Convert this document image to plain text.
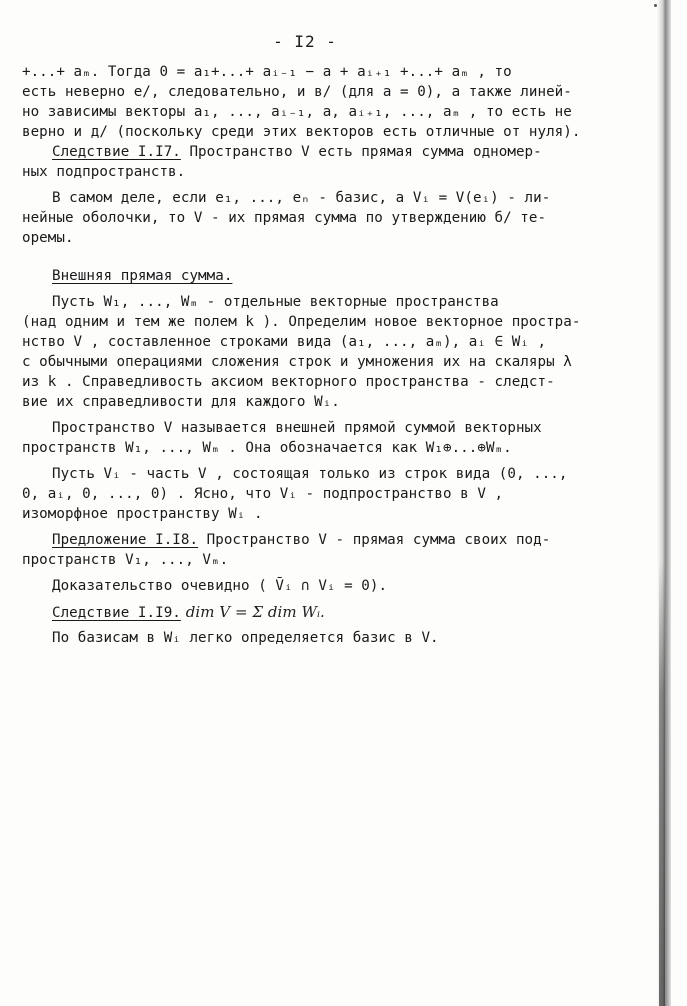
- I2 -

+...+ aₘ. Тогда 0 = a₁+...+ aᵢ₋₁ − a + aᵢ₊₁ +...+ aₘ , то

есть неверно е/, следовательно, и в/ (для a = 0), а также линей-

но зависимы векторы a₁, ..., aᵢ₋₁, a, aᵢ₊₁, ..., aₘ , то есть не

верно и д/ (поскольку среди этих векторов есть отличные от нуля).

Следствие I.I7. Пространство V есть прямая сумма одномер-

ных подпространств.

В самом деле, если e₁, ..., eₙ - базис, а Vᵢ = V(eᵢ) - ли-

нейные оболочки, то V - их прямая сумма по утверждению б/ те-

оремы.

Внешняя прямая сумма.

Пусть W₁, ..., Wₘ - отдельные векторные пространства

(над одним и тем же полем k ). Определим новое векторное простра-

нство V , составленное строками вида (a₁, ..., aₘ), aᵢ ∈ Wᵢ ,

с обычными операциями сложения строк и умножения их на скаляры λ

из k . Справедливость аксиом векторного пространства - следст-

вие их справедливости для каждого Wᵢ.

Пространство V называется внешней прямой суммой векторных

пространств W₁, ..., Wₘ . Она обозначается как W₁⊕...⊕Wₘ.

Пусть Vᵢ - часть V , состоящая только из строк вида (0, ...,

0, aᵢ, 0, ..., 0) . Ясно, что Vᵢ - подпространство в V ,

изоморфное пространству Wᵢ .

Предложение I.I8. Пространство V - прямая сумма своих под-

пространств V₁, ..., Vₘ.

Доказательство очевидно ( V̄ᵢ ∩ Vᵢ = 0).

Следствие I.I9. dim V = Σ dim Wᵢ.

По базисам в Wᵢ легко определяется базис в V.
